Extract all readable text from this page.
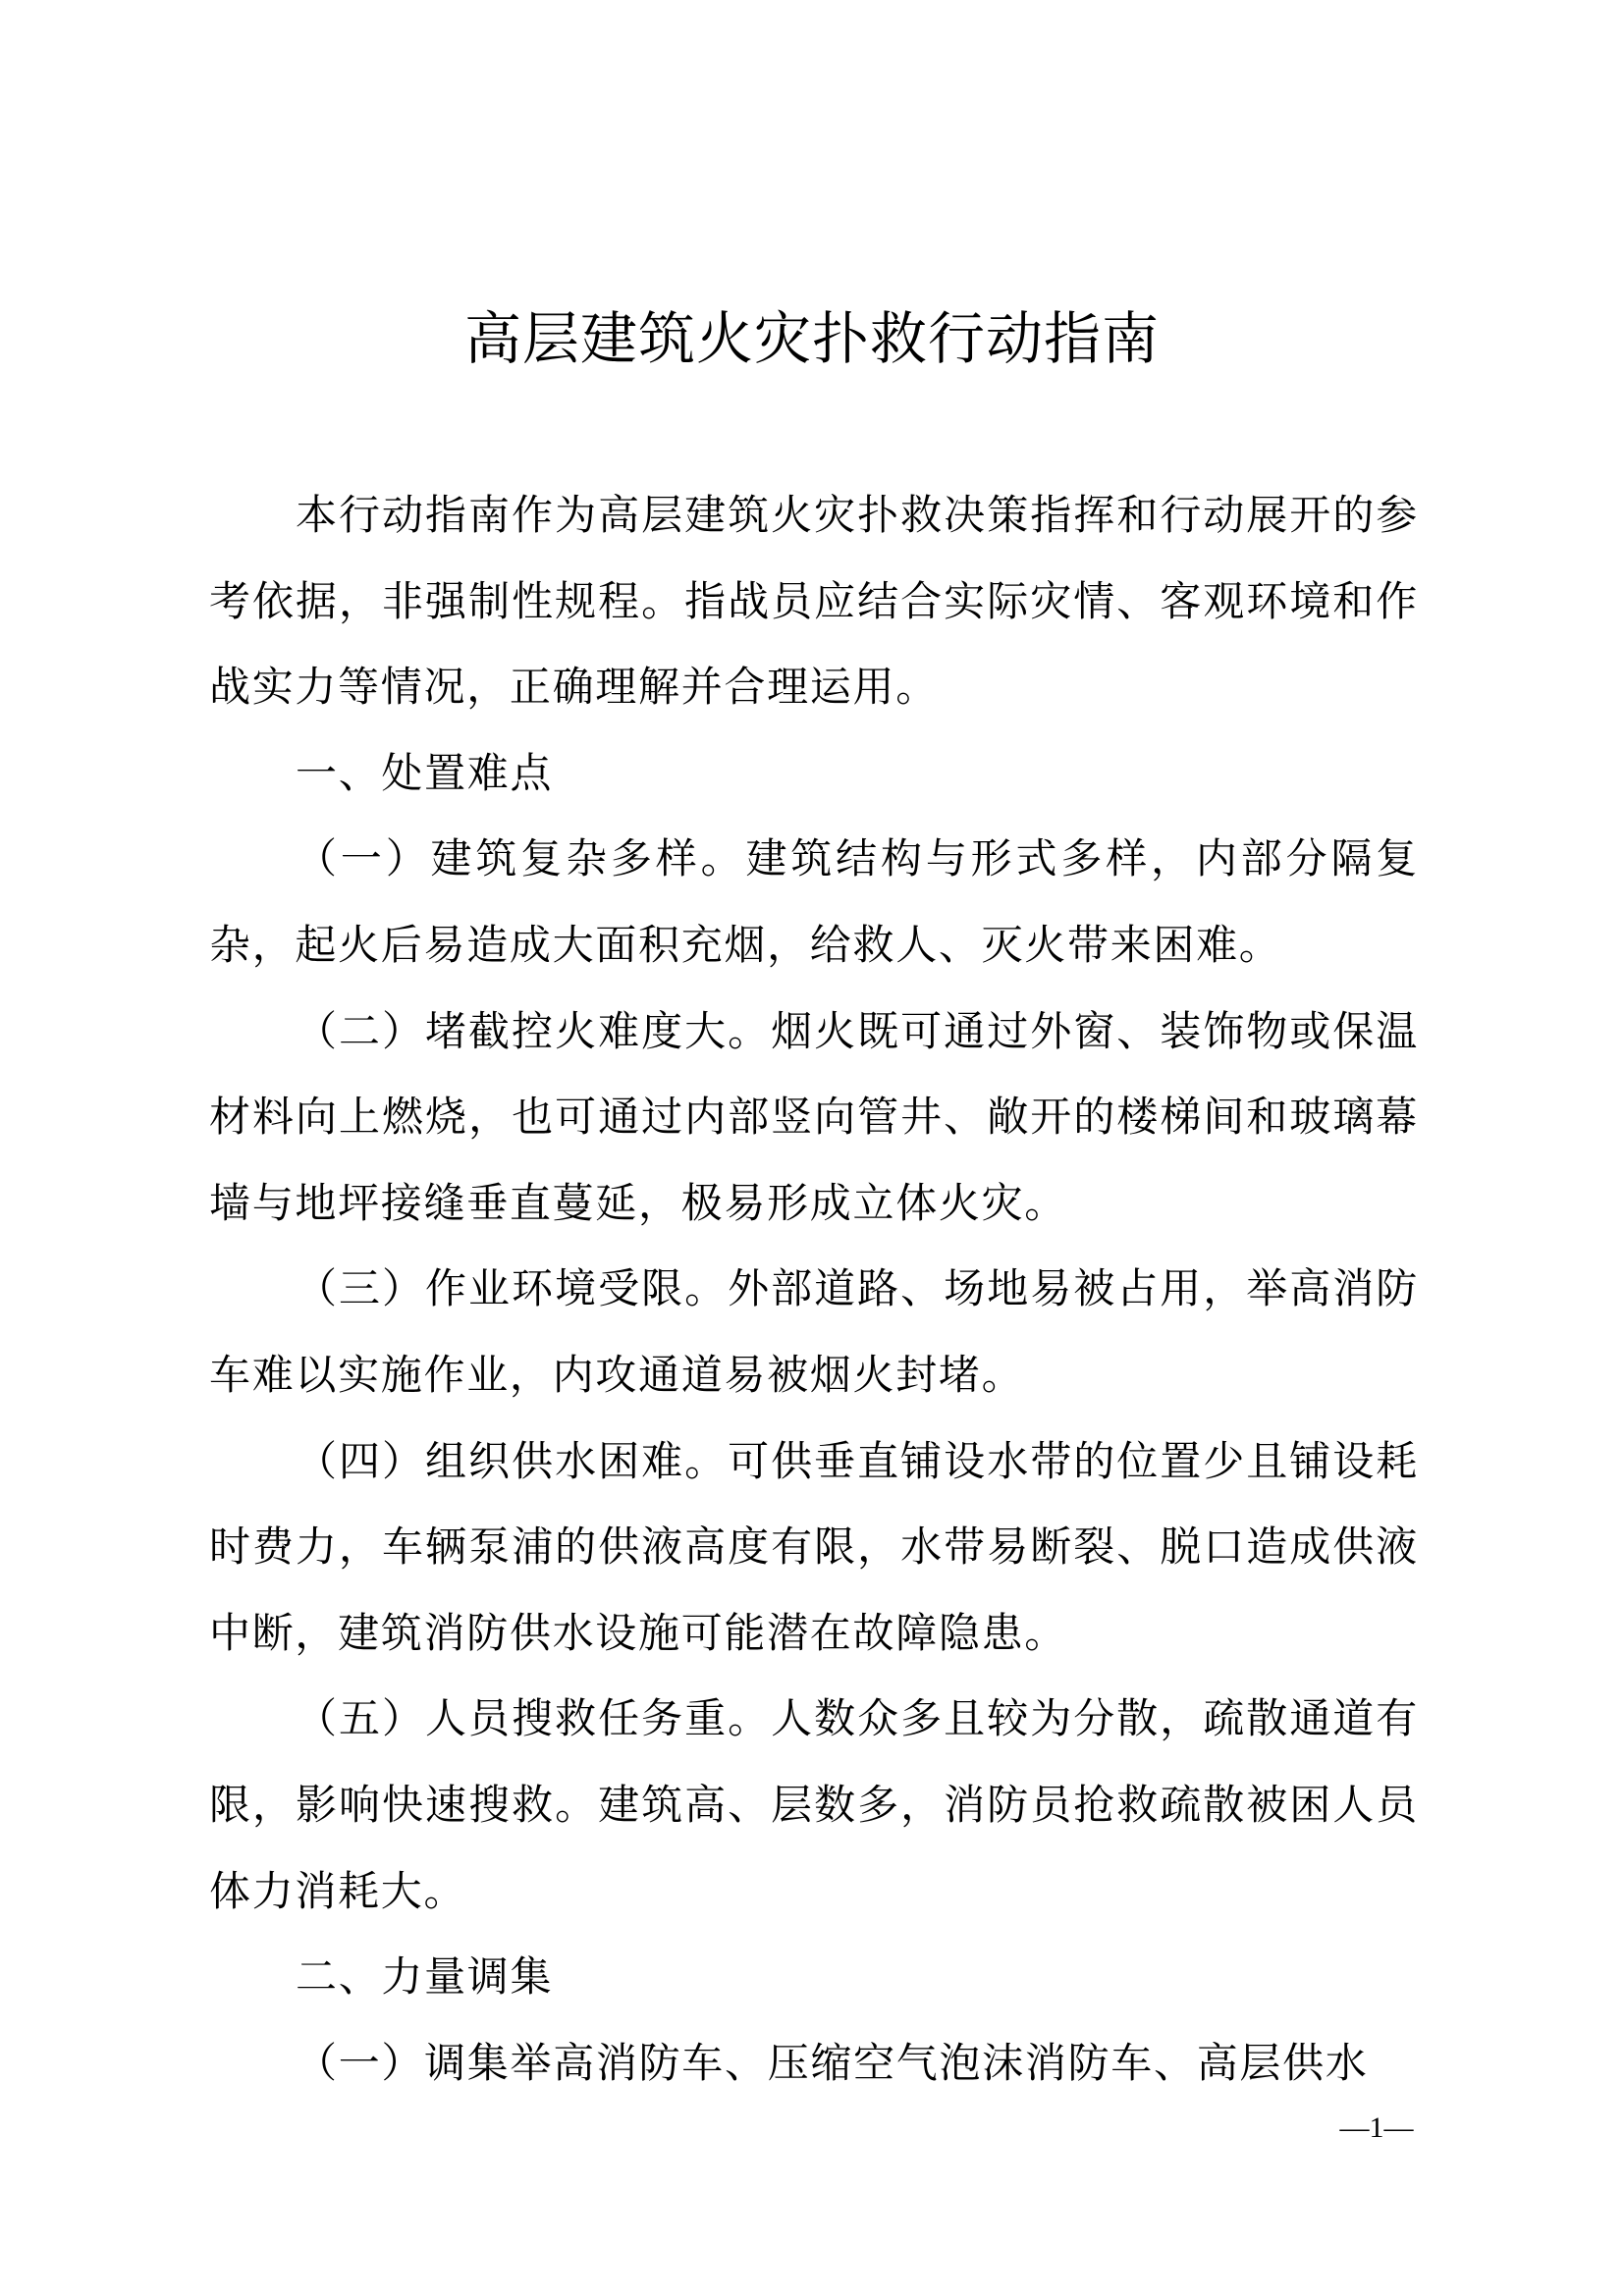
高层建筑火灾扑救行动指南

本行动指南作为高层建筑火灾扑救决策指挥和行动展开的参考依据，非强制性规程。指战员应结合实际灾情、客观环境和作战实力等情况，正确理解并合理运用。

一、处置难点

（一）建筑复杂多样。建筑结构与形式多样，内部分隔复杂，起火后易造成大面积充烟，给救人、灭火带来困难。

（二）堵截控火难度大。烟火既可通过外窗、装饰物或保温材料向上燃烧，也可通过内部竖向管井、敞开的楼梯间和玻璃幕墙与地坪接缝垂直蔓延，极易形成立体火灾。

（三）作业环境受限。外部道路、场地易被占用，举高消防车难以实施作业，内攻通道易被烟火封堵。

（四）组织供水困难。可供垂直铺设水带的位置少且铺设耗时费力，车辆泵浦的供液高度有限，水带易断裂、脱口造成供液中断，建筑消防供水设施可能潜在故障隐患。

（五）人员搜救任务重。人数众多且较为分散，疏散通道有限，影响快速搜救。建筑高、层数多，消防员抢救疏散被困人员体力消耗大。

二、力量调集

（一）调集举高消防车、压缩空气泡沫消防车、高层供水

—1—
